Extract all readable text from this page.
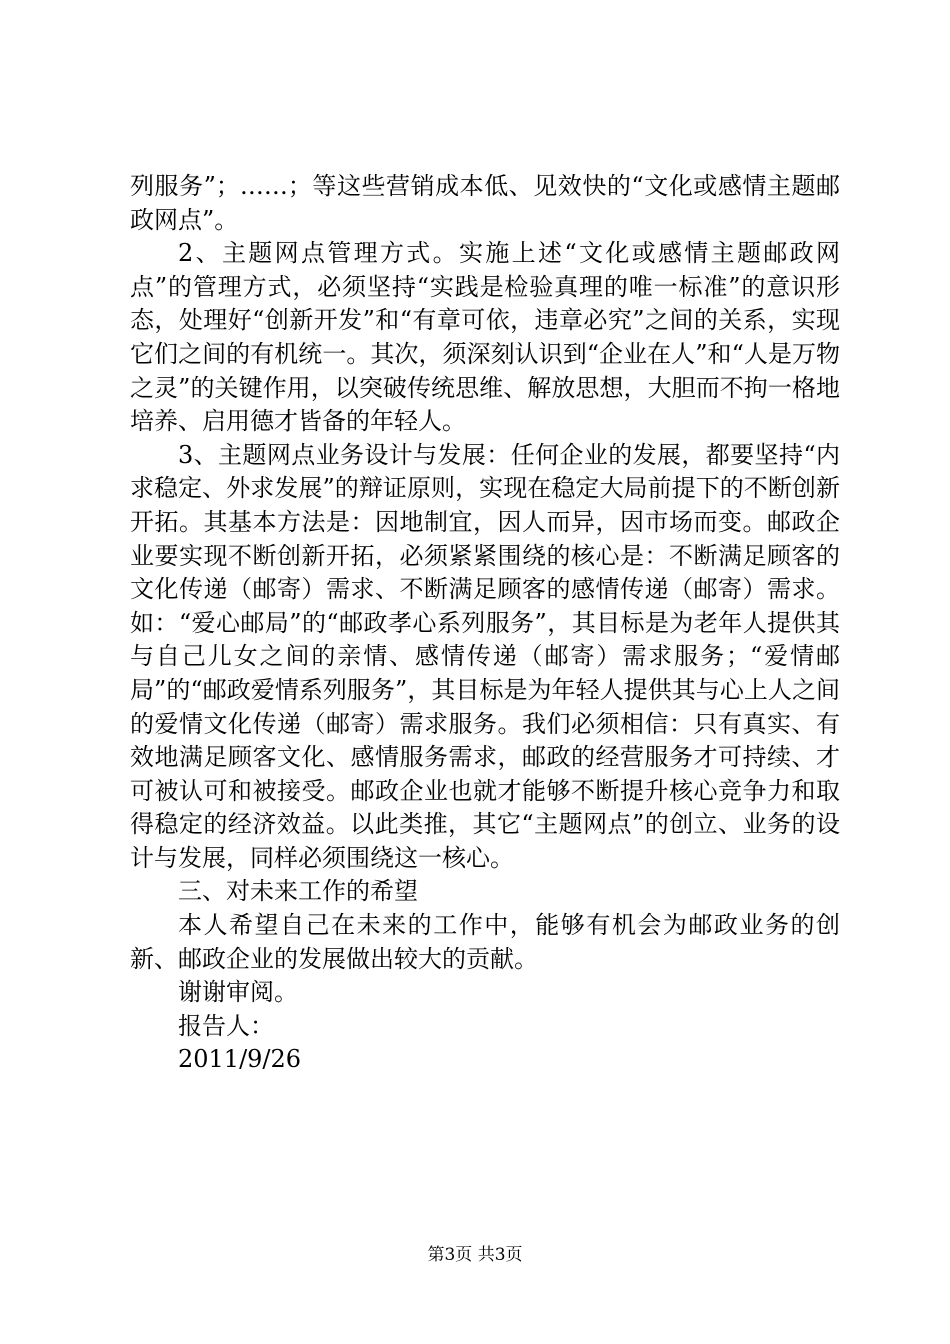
列服务”；……；等这些营销成本低、见效快的“文化或感情主题邮政网点”。

2、主题网点管理方式。实施上述“文化或感情主题邮政网点”的管理方式，必须坚持“实践是检验真理的唯一标准”的意识形态，处理好“创新开发”和“有章可依，违章必究”之间的关系，实现它们之间的有机统一。其次，须深刻认识到“企业在人”和“人是万物之灵”的关键作用，以突破传统思维、解放思想，大胆而不拘一格地培养、启用德才皆备的年轻人。

3、主题网点业务设计与发展：任何企业的发展，都要坚持“内求稳定、外求发展”的辩证原则，实现在稳定大局前提下的不断创新开拓。其基本方法是：因地制宜，因人而异，因市场而变。邮政企业要实现不断创新开拓，必须紧紧围绕的核心是：不断满足顾客的文化传递（邮寄）需求、不断满足顾客的感情传递（邮寄）需求。如：“爱心邮局”的“邮政孝心系列服务”，其目标是为老年人提供其与自己儿女之间的亲情、感情传递（邮寄）需求服务；“爱情邮局”的“邮政爱情系列服务”，其目标是为年轻人提供其与心上人之间的爱情文化传递（邮寄）需求服务。我们必须相信：只有真实、有效地满足顾客文化、感情服务需求，邮政的经营服务才可持续、才可被认可和被接受。邮政企业也就才能够不断提升核心竞争力和取得稳定的经济效益。以此类推，其它“主题网点”的创立、业务的设计与发展，同样必须围绕这一核心。

三、对未来工作的希望

本人希望自己在未来的工作中，能够有机会为邮政业务的创新、邮政企业的发展做出较大的贡献。

谢谢审阅。

报告人：

2011/9/26

第3页 共3页
